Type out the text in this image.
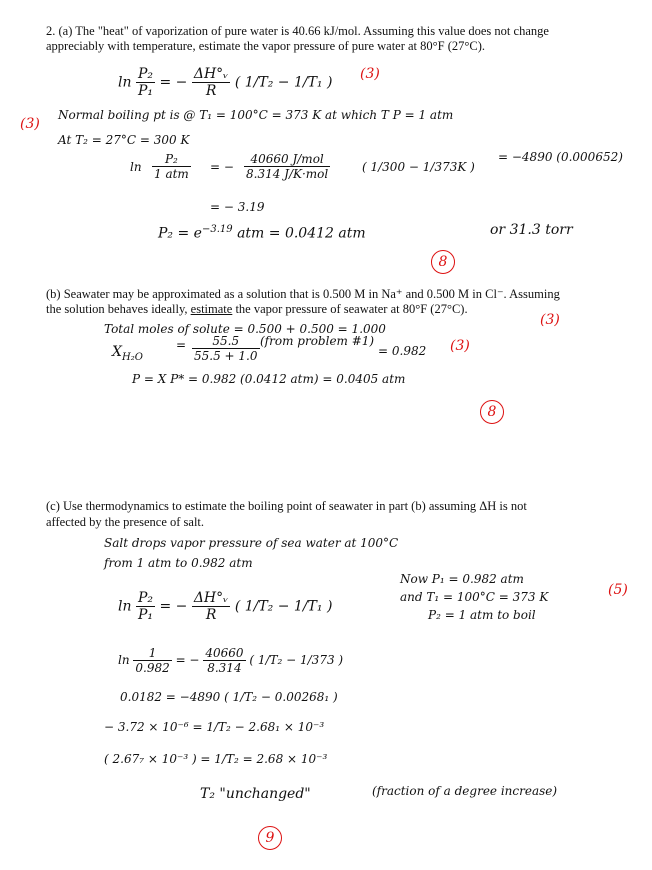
2. (a) The "heat" of vaporization of pure water is 40.66 kJ/mol. Assuming this value does not change
appreciably with temperature, estimate the vapor pressure of pure water at 80°F (27°C).
$\ln \frac{\text{P₂}}{\text{P₁}}$ = − $\frac{\text{ΔH°ᵥ}}{R}$ ( 1/T₂ − 1/T₁ )
(3)
(3)
Normal boiling pt is @ T₁ = 100°C = 373 K at which T P = 1 atm
At T₂ = 27°C = 300 K
$\ln \frac{\text{P₂}}{\text{1 atm}}$ = − $\frac{\text{40660 J/mol}}{\text{8.314 J/K·mol}}$	( 1/300 − 1/373K )
= −4890 (0.000652)
= − 3.19
$P_2 = e^{-3.19}$ atm = 0.0412 atm	or 31.3 torr
8
(b) Seawater may be approximated as a solution that is 0.500 M in Na⁺ and 0.500 M in Cl⁻. Assuming
the solution behaves ideally, estimate the vapor pressure of seawater at 80°F (27°C).
Total moles of solute = 0.500 + 0.500 = 1.000
(3)
$X_{H_2O}$
= $\frac{55.5}{55.5 + 1.0}$ (from problem #1)
= 0.982 (3)
P = X P* = 0.982 (0.0412 atm) = 0.0405 atm
8
(c) Use thermodynamics to estimate the boiling point of seawater in part (b) assuming ΔH is not
affected by the presence of salt.
Salt drops vapor pressure of sea water at 100°C
from 1 atm to 0.982 atm
Now P₁ = 0.982 atm
and T₁ = 100°C = 373 K
P₂ = 1 atm to boil
(5)
$\ln \frac{\text{P₂}}{\text{P₁}}$ = − $\frac{\text{ΔH°ᵥ}}{R}$ ( 1/T₂ − 1/T₁ )
$\ln \frac{1}{0.982}$ = − $\frac{40660}{8.314}$ ( 1/T₂ − 1/373 )
0.0182 = −4890 ( 1/T₂ − 0.00268₁ )
− 3.72 × 10⁻⁶ = 1/T₂ − 2.68₁ × 10⁻³
( 2.67₇ × 10⁻³ ) = 1/T₂ = 2.68 × 10⁻³
T₂ "unchanged"	(fraction of a degree increase)
9
